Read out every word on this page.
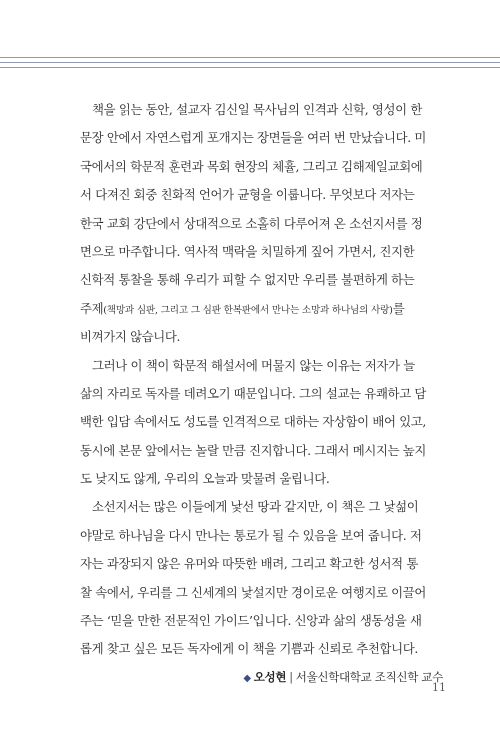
　책을 읽는 동안, 설교자 김신일 목사님의 인격과 신학, 영성이 한

문장 안에서 자연스럽게 포개지는 장면들을 여러 번 만났습니다. 미

국에서의 학문적 훈련과 목회 현장의 체휼, 그리고 김해제일교회에

서 다져진 회중 친화적 언어가 균형을 이룹니다. 무엇보다 저자는

한국 교회 강단에서 상대적으로 소홀히 다루어져 온 소선지서를 정

면으로 마주합니다. 역사적 맥락을 치밀하게 짚어 가면서, 진지한

신학적 통찰을 통해 우리가 피할 수 없지만 우리를 불편하게 하는

주제(책망과 심판, 그리고 그 심판 한복판에서 만나는 소망과 하나님의 사랑)를

비껴가지 않습니다.

　그러나 이 책이 학문적 해설서에 머물지 않는 이유는 저자가 늘

삶의 자리로 독자를 데려오기 때문입니다. 그의 설교는 유쾌하고 담

백한 입담 속에서도 성도를 인격적으로 대하는 자상함이 배어 있고,

동시에 본문 앞에서는 놀랄 만큼 진지합니다. 그래서 메시지는 높지

도 낮지도 않게, 우리의 오늘과 맞물려 울립니다.

　소선지서는 많은 이들에게 낯선 땅과 같지만, 이 책은 그 낯섦이

야말로 하나님을 다시 만나는 통로가 될 수 있음을 보여 줍니다. 저

자는 과장되지 않은 유머와 따뜻한 배려, 그리고 확고한 성서적 통

찰 속에서, 우리를 그 신세계의 낯설지만 경이로운 여행지로 이끌어

주는 ‘믿을 만한 전문적인 가이드’입니다. 신앙과 삶의 생동성을 새

롭게 찾고 싶은 모든 독자에게 이 책을 기쁨과 신뢰로 추천합니다.

◆ 오성현 | 서울신학대학교 조직신학 교수
11
